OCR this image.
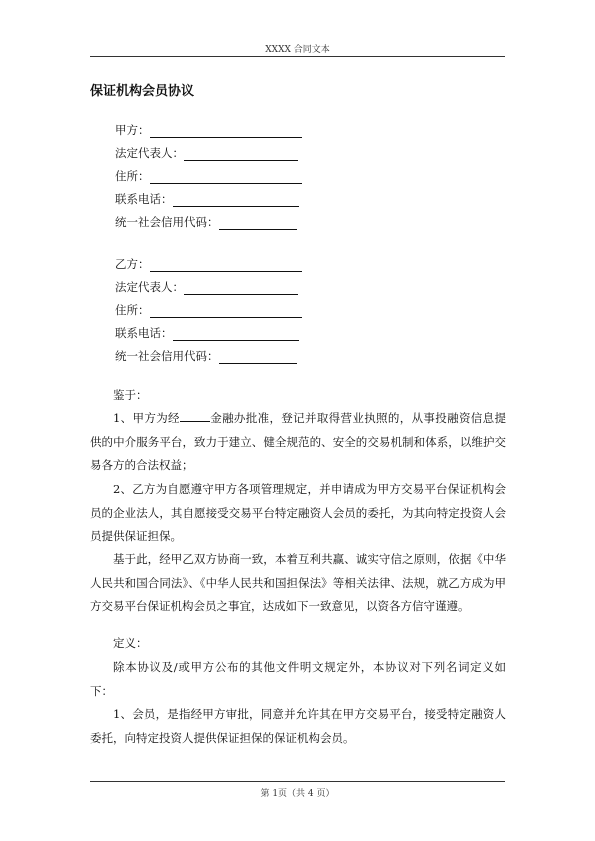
XXXX 合同文本
保证机构会员协议
甲方：
法定代表人：
住所：
联系电话：
统一社会信用代码：
乙方：
法定代表人：
住所：
联系电话：
统一社会信用代码：

鉴于：

1、甲方为经	金融办批准，登记并取得营业执照的，从事投融资信息提供的中介服务平台，致力于建立、健全规范的、安全的交易机制和体系，以维护交易各方的合法权益；

2、乙方为自愿遵守甲方各项管理规定，并申请成为甲方交易平台保证机构会员的企业法人，其自愿接受交易平台特定融资人会员的委托，为其向特定投资人会员提供保证担保。

基于此，经甲乙双方协商一致，本着互利共赢、诚实守信之原则，依据《中华人民共和国合同法》、《中华人民共和国担保法》等相关法律、法规，就乙方成为甲方交易平台保证机构会员之事宜，达成如下一致意见，以资各方信守谨遵。

定义：

除本协议及/或甲方公布的其他文件明文规定外，本协议对下列名词定义如下：

1、会员，是指经甲方审批，同意并允许其在甲方交易平台，接受特定融资人委托，向特定投资人提供保证担保的保证机构会员。

第 1页（共 4 页）
